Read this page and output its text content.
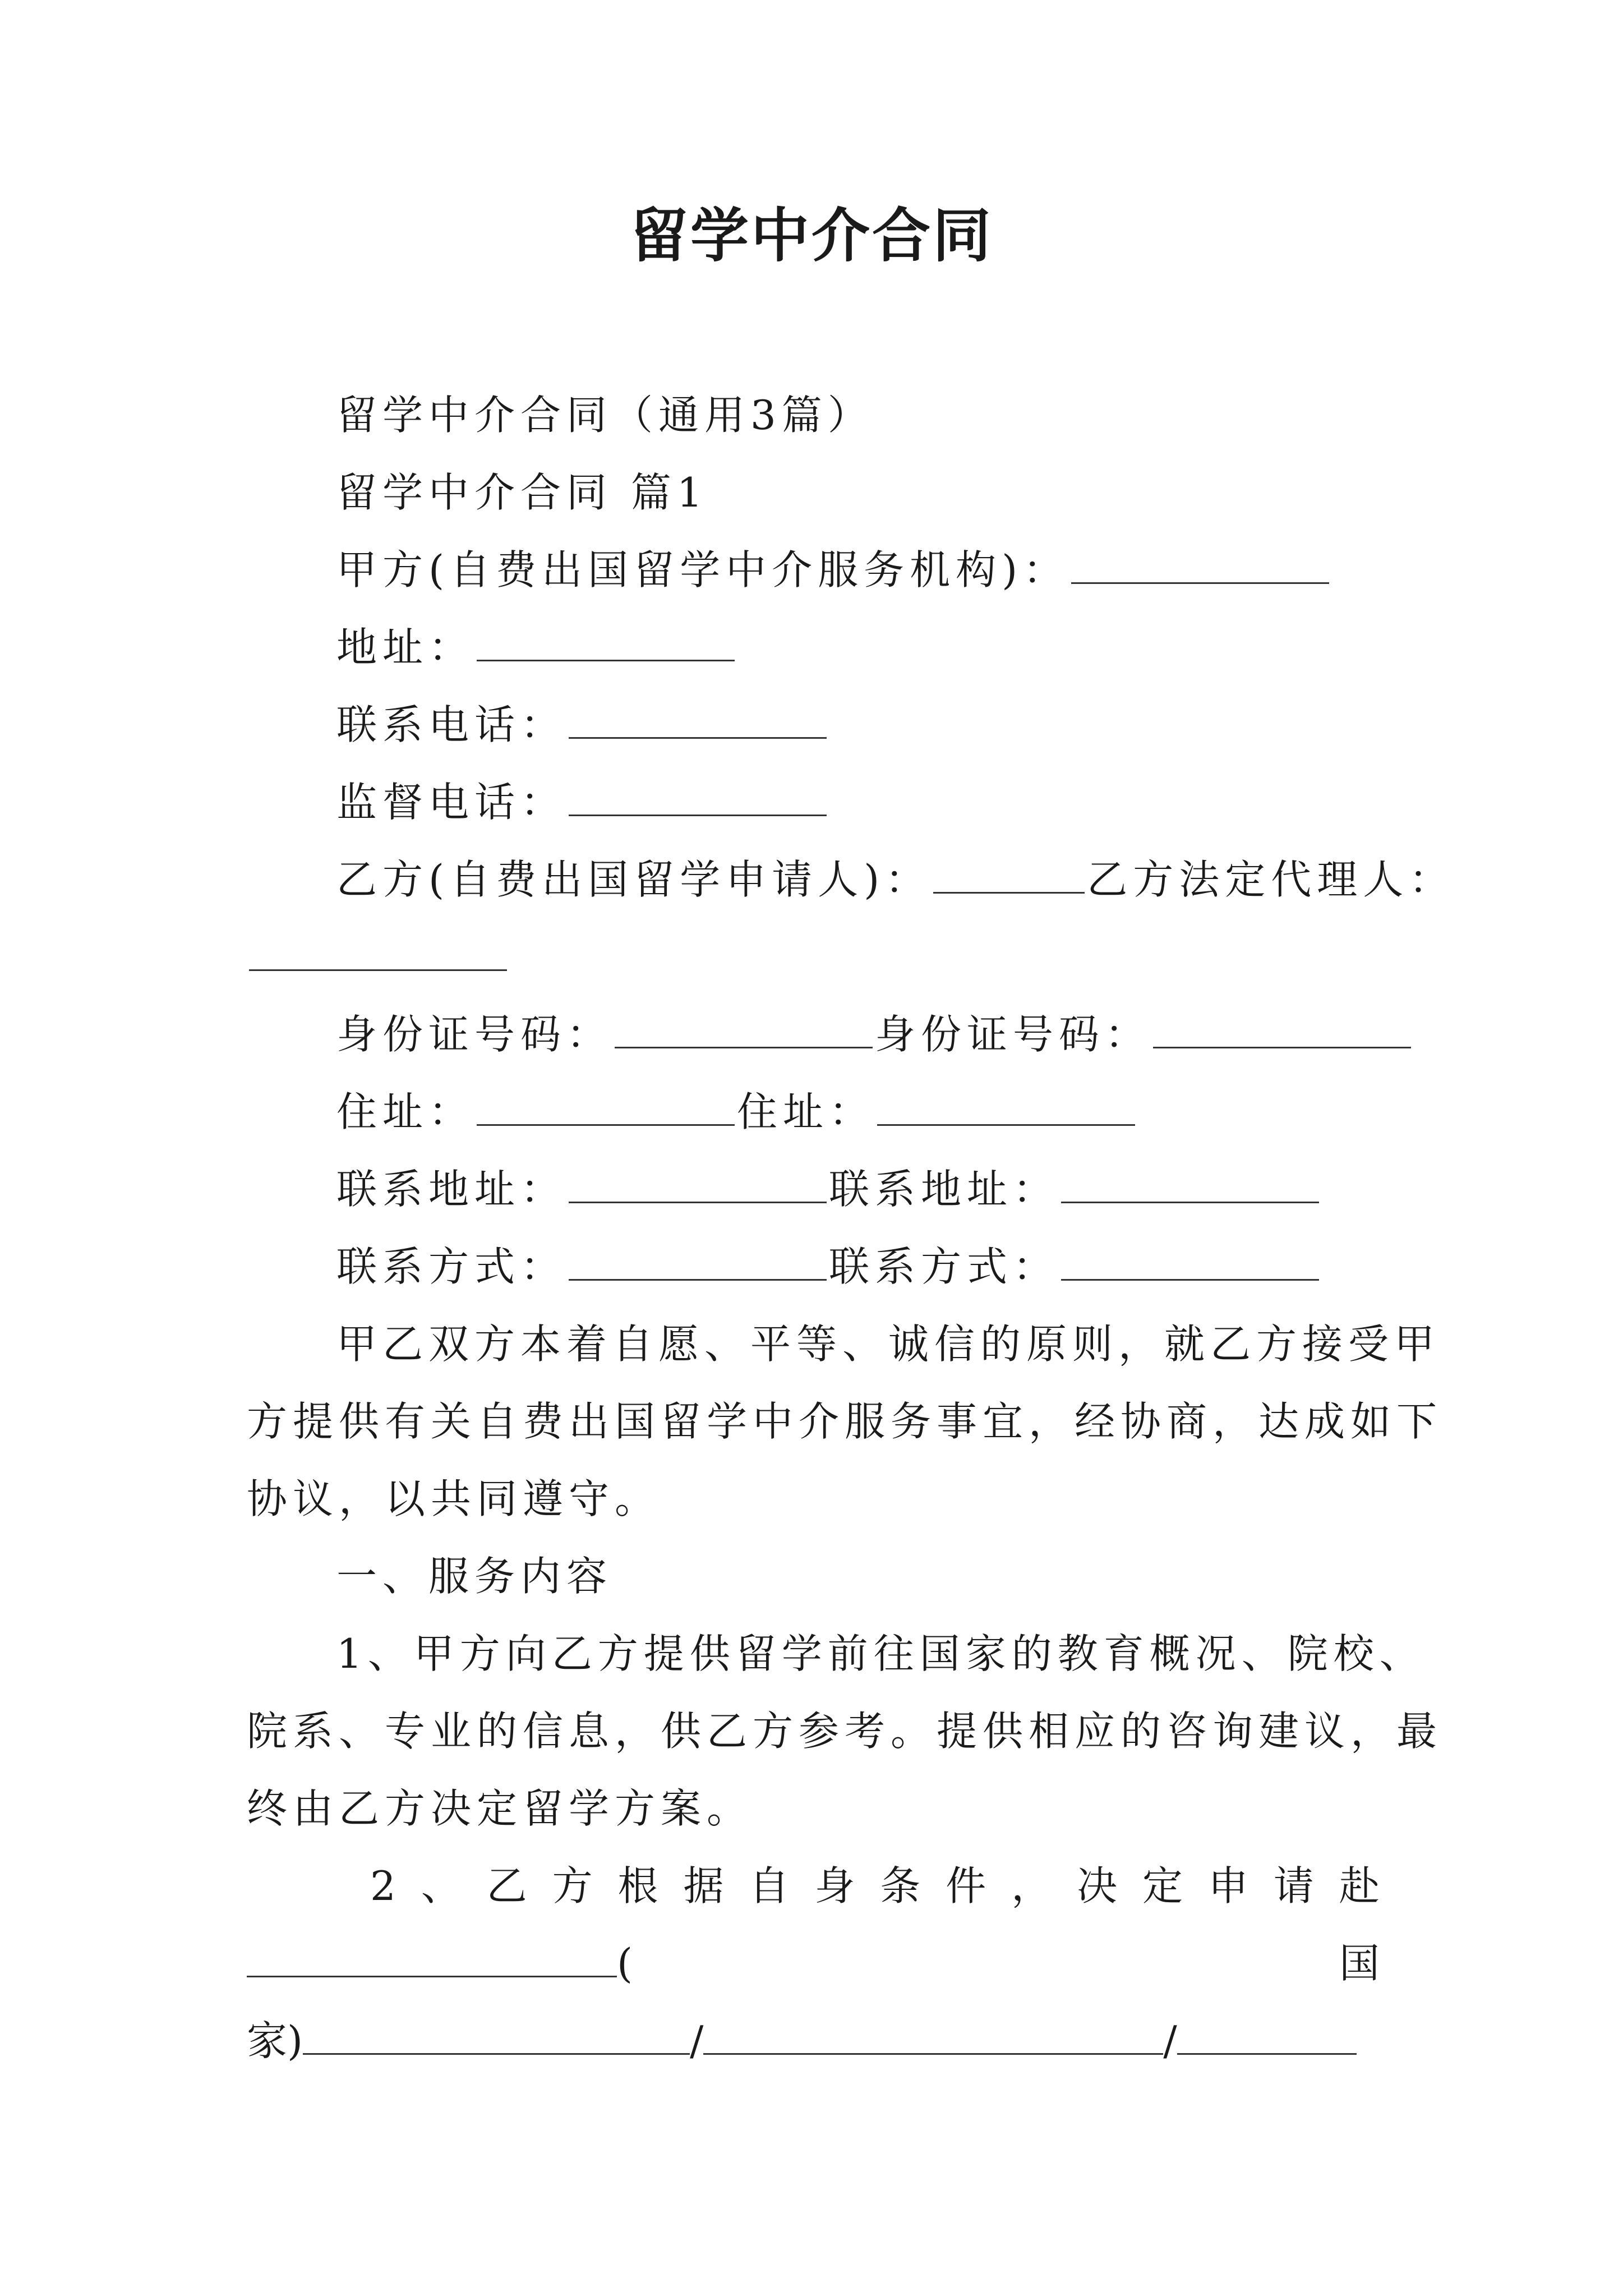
留学中介合同
留学中介合同（通用3篇）
留学中介合同 篇1
甲方(自费出国留学中介服务机构)：
地址：
联系电话：
监督电话：
乙方(自费出国留学申请人)：	乙方法定代理人：
身份证号码：	身份证号码：
住址：	住址：
联系地址：	联系地址：
联系方式：	联系方式：
甲乙双方本着自愿、平等、诚信的原则，就乙方接受甲
方提供有关自费出国留学中介服务事宜，经协商，达成如下
协议，以共同遵守。
一、服务内容
1、甲方向乙方提供留学前往国家的教育概况、院校、
院系、专业的信息，供乙方参考。提供相应的咨询建议，最
终由乙方决定留学方案。
2 、 乙 方 根 据 自 身 条 件 ， 决 定 申 请 赴
(	国
家)	/	/
